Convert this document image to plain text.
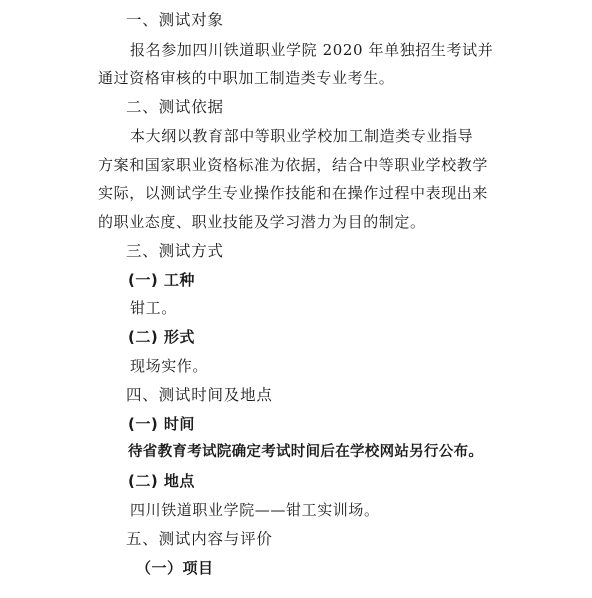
一、测试对象
报名参加四川铁道职业学院 2020 年单独招生考试并
通过资格审核的中职加工制造类专业考生。
二、测试依据
本大纲以教育部中等职业学校加工制造类专业指导
方案和国家职业资格标准为依据，结合中等职业学校教学
实际，以测试学生专业操作技能和在操作过程中表现出来
的职业态度、职业技能及学习潜力为目的制定。
三、测试方式
(一) 工种
钳工。
(二) 形式
现场实作。
四、测试时间及地点
(一) 时间
待省教育考试院确定考试时间后在学校网站另行公布。
(二) 地点
四川铁道职业学院——钳工实训场。
五、测试内容与评价
（一）项目
